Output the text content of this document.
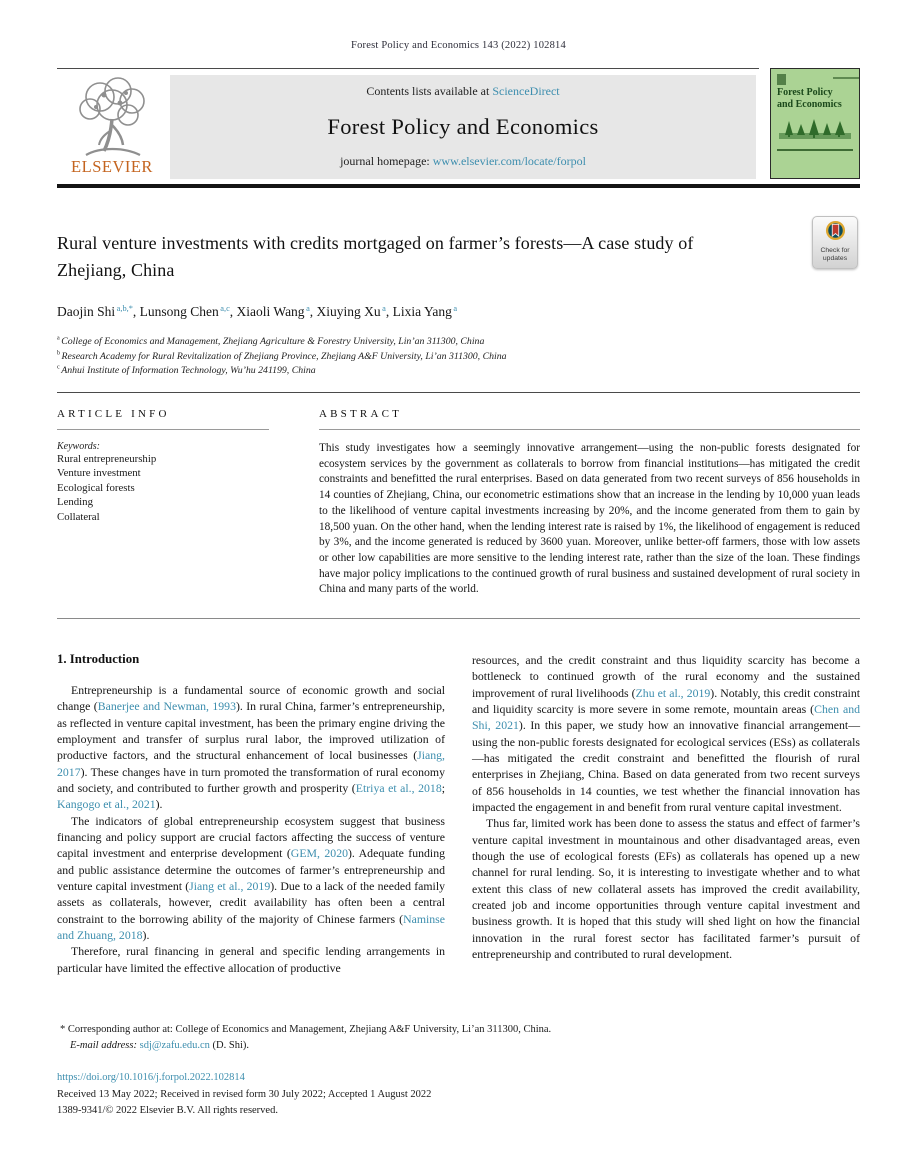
Forest Policy and Economics 143 (2022) 102814
ELSEVIER
Contents lists available at ScienceDirect
Forest Policy and Economics
journal homepage: www.elsevier.com/locate/forpol
Forest Policy
and Economics
Rural venture investments with credits mortgaged on farmer’s forests—A case study of Zhejiang, China
Check for
updates
Daojin Shi $^{a,b,*}$, Lunsong Chen $^{a,c}$, Xiaoli Wang $^a$, Xiuying Xu $^a$, Lixia Yang $^a$

$^a$ College of Economics and Management, Zhejiang Agriculture & Forestry University, Lin’an 311300, China

$^b$ Research Academy for Rural Revitalization of Zhejiang Province, Zhejiang A&F University, Li’an 311300, China

$^c$ Anhui Institute of Information Technology, Wu’hu 241199, China

ARTICLE INFO
Keywords:
Rural entrepreneurship
Venture investment
Ecological forests
Lending
Collateral
ABSTRACT
This study investigates how a seemingly innovative arrangement—using the non-public forests designated for ecosystem services by the government as collaterals to borrow from financial institutions—has mitigated the credit constraints and benefitted the rural enterprises. Based on data generated from two recent surveys of 856 households in 14 counties of Zhejiang, China, our econometric estimations show that an increase in the lending by 10,000 yuan leads to the likelihood of venture capital investments increasing by 20%, and the income generated from them to gain by 18,500 yuan. On the other hand, when the lending interest rate is raised by 1%, the likelihood of engagement is reduced by 3%, and the income generated is reduced by 3600 yuan. Moreover, unlike better-off farmers, those with low assets or other low capabilities are more sensitive to the lending interest rate, rather than the size of the loan. These findings have major policy implications to the continued growth of rural business and sustained development of rural society in China and many parts of the world.
1. Introduction

Entrepreneurship is a fundamental source of economic growth and social change (Banerjee and Newman, 1993). In rural China, farmer’s entrepreneurship, as reflected in venture capital investment, has been the primary engine driving the employment and transfer of surplus rural labor, the improved utilization of productive factors, and the structural enhancement of local businesses (Jiang, 2017). These changes have in turn promoted the transformation of rural economy and society, and contributed to further growth and prosperity (Etriya et al., 2018; Kangogo et al., 2021).

The indicators of global entrepreneurship ecosystem suggest that business financing and policy support are crucial factors affecting the success of venture capital investment and enterprise development (GEM, 2020). Adequate funding and public assistance determine the outcomes of farmer’s entrepreneurship and venture capital investment (Jiang et al., 2019). Due to a lack of the needed family assets as collaterals, however, credit availability has often been a central constraint to the borrowing ability of the majority of Chinese farmers (Naminse and Zhuang, 2018).

Therefore, rural financing in general and specific lending arrangements in particular have limited the effective allocation of productive

resources, and the credit constraint and thus liquidity scarcity has become a bottleneck to continued growth of the rural economy and the sustained improvement of rural livelihoods (Zhu et al., 2019). Notably, this credit constraint and liquidity scarcity is more severe in some remote, mountain areas (Chen and Shi, 2021). In this paper, we study how an innovative financial arrangement—using the non-public forests designated for ecological services (ESs) as collaterals—has mitigated the credit constraint and benefitted the flourish of rural enterprises in Zhejiang, China. Based on data generated from two recent surveys of 856 households in 14 counties, we test whether the financial innovation has impacted the engagement in and benefit from rural venture capital investment.

Thus far, limited work has been done to assess the status and effect of farmer’s venture capital investment in mountainous and other disadvantaged areas, even though the use of ecological forests (EFs) as collaterals has opened up a new channel for rural lending. So, it is interesting to investigate whether and to what extent this class of new collateral assets has improved the credit availability, created job and income opportunities through venture capital investment and business growth. It is hoped that this study will shed light on how the financial innovation in the rural forest sector has facilitated farmer’s pursuit of entrepreneurship and contributed to rural development.

* Corresponding author at: College of Economics and Management, Zhejiang A&F University, Li’an 311300, China.
E-mail address: sdj@zafu.edu.cn (D. Shi).
https://doi.org/10.1016/j.forpol.2022.102814
Received 13 May 2022; Received in revised form 30 July 2022; Accepted 1 August 2022
1389-9341/© 2022 Elsevier B.V. All rights reserved.
